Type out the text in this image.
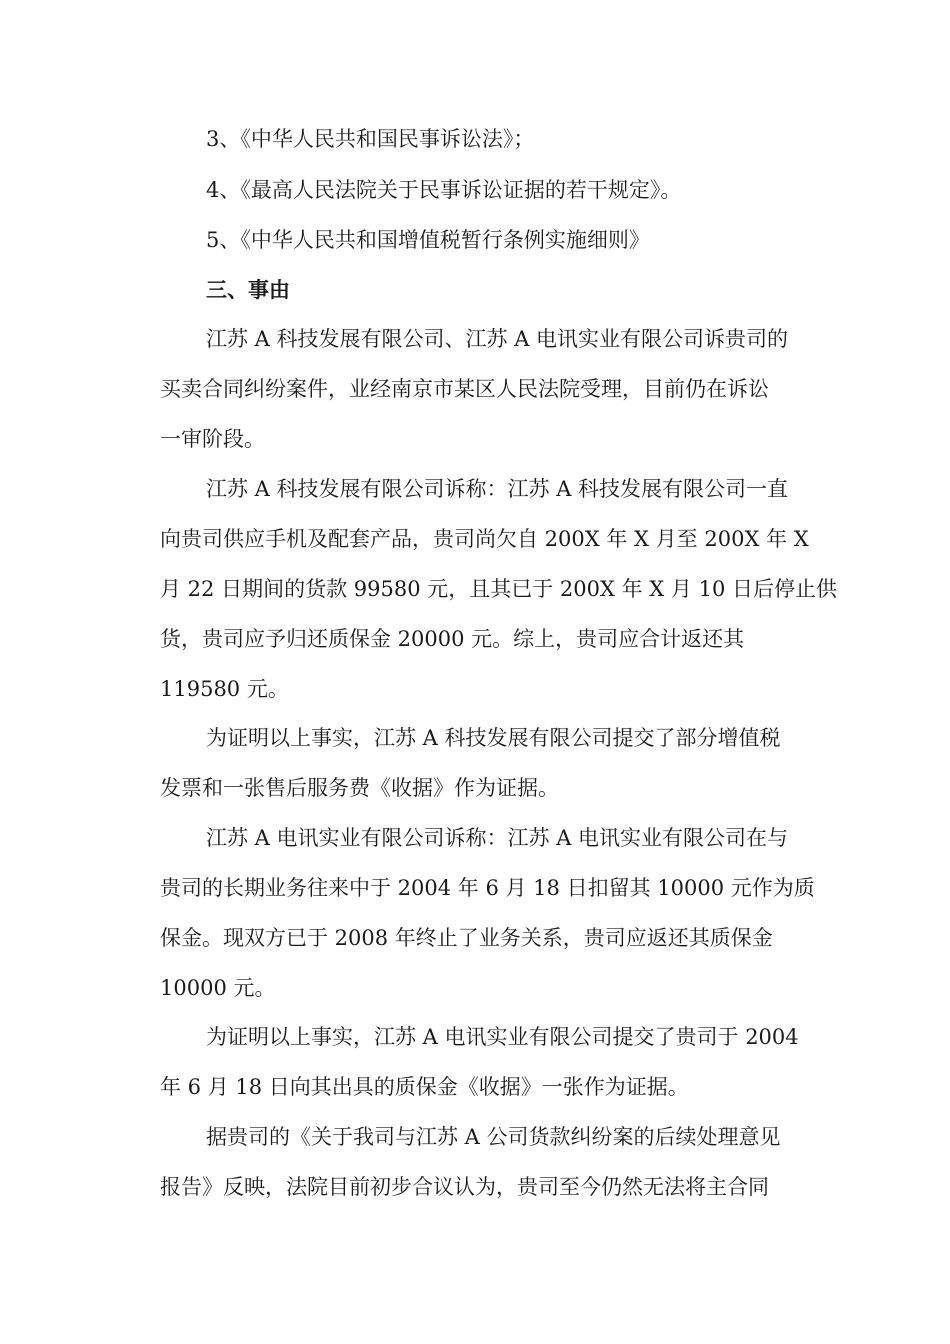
3、《中华人民共和国民事诉讼法》；
4、《最高人民法院关于民事诉讼证据的若干规定》。
5、《中华人民共和国增值税暂行条例实施细则》
三、事由
江苏 A 科技发展有限公司、江苏 A 电讯实业有限公司诉贵司的
买卖合同纠纷案件，业经南京市某区人民法院受理，目前仍在诉讼
一审阶段。
江苏 A 科技发展有限公司诉称：江苏 A 科技发展有限公司一直
向贵司供应手机及配套产品，贵司尚欠自 200X 年 X 月至 200X 年 X
月 22 日期间的货款 99580 元，且其已于 200X 年 X 月 10 日后停止供
货，贵司应予归还质保金 20000 元。综上，贵司应合计返还其
119580 元。
为证明以上事实，江苏 A 科技发展有限公司提交了部分增值税
发票和一张售后服务费《收据》作为证据。
江苏 A 电讯实业有限公司诉称：江苏 A 电讯实业有限公司在与
贵司的长期业务往来中于 2004 年 6 月 18 日扣留其 10000 元作为质
保金。现双方已于 2008 年终止了业务关系，贵司应返还其质保金
10000 元。
为证明以上事实，江苏 A 电讯实业有限公司提交了贵司于 2004
年 6 月 18 日向其出具的质保金《收据》一张作为证据。
据贵司的《关于我司与江苏 A 公司货款纠纷案的后续处理意见
报告》反映，法院目前初步合议认为，贵司至今仍然无法将主合同
